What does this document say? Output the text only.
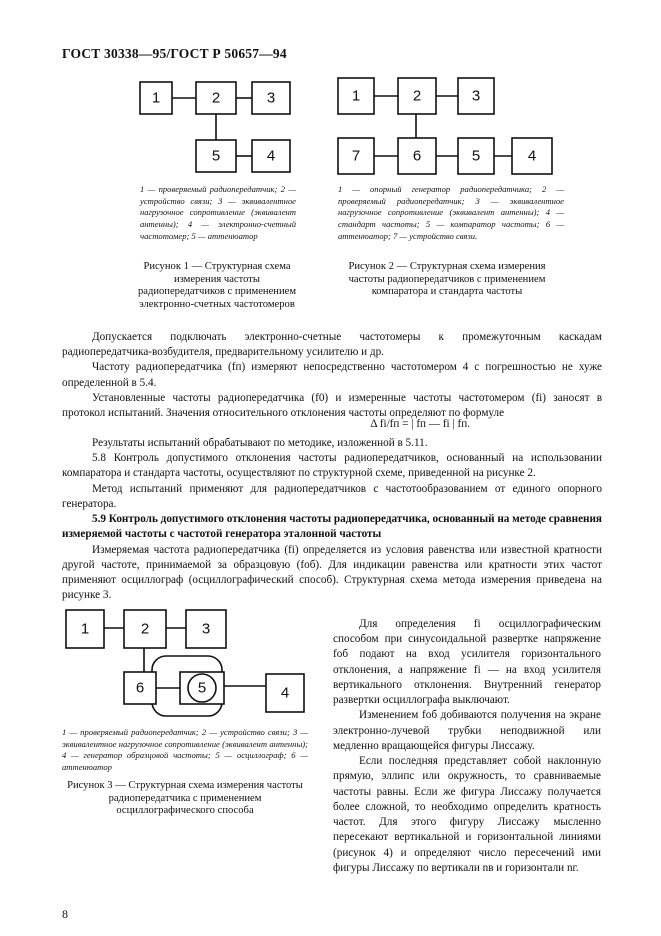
ГОСТ 30338—95/ГОСТ Р 50657—94
1	2	3
5	4
1 — проверяемый радиопередатчик; 2 — устройство связи; 3 — эквивалентное нагрузочное сопротивление (эквивалент антенны); 4 — электронно-счетный частотомер; 5 — аттенюатор
Рисунок 1 — Структурная схема измерения частоты радиопередатчиков с применением электронно-счетных частотомеров
1	2	3
7	6	5	4
1 — опорный генератор радиопередатчика; 2 — проверяемый радиопередатчик; 3 — эквивалентное нагрузочное сопротивление (эквивалент антенны); 4 — стандарт частоты; 5 — компаратор частоты; 6 — аттенюатор; 7 — устройство связи.
Рисунок 2 — Структурная схема измерения частоты радиопередатчиков с применением компаратора и стандарта частоты

Допускается подключать электронно-счетные частотомеры к промежуточным каскадам радиопередатчика-возбудителя, предварительному усилителю и др.

Частоту радиопередатчика (fп) измеряют непосредственно частотомером 4 с погрешностью не хуже определенной в 5.4.

Установленные частоты радиопередатчика (f0) и измеренные частоты частотомером (fi) заносят в протокол испытаний. Значения относительного отклонения частоты определяют по формуле

Δ fi/fп = | fп — fi | fп.

Результаты испытаний обрабатывают по методике, изложенной в 5.11.

5.8 Контроль допустимого отклонения частоты радиопередатчиков, основанный на использовании компаратора и стандарта частоты, осуществляют по структурной схеме, приведенной на рисунке 2.

Метод испытаний применяют для радиопередатчиков с частотообразованием от единого опорного генератора.

5.9 Контроль допустимого отклонения частоты радиопередатчика, основанный на методе сравнения измеряемой частоты с частотой генератора эталонной частоты

Измеряемая частота радиопередатчика (fi) определяется из условия равенства или известной кратности другой частоте, принимаемой за образцовую (fоб). Для индикации равенства или кратности этих частот применяют осциллограф (осциллографический способ). Структурная схема метода измерения приведена на рисунке 3.

1	2	3
6	5	4
1 — проверяемый радиопередатчик; 2 — устройство связи; 3 — эквивалентное нагрузочное сопротивление (эквивалент антенны); 4 — генератор образцовой частоты; 5 — осциллограф; 6 — аттенюатор
Рисунок 3 — Структурная схема измерения частоты радиопередатчика с применением осциллографического способа

Для определения fi осциллографическим способом при синусоидальной развертке напряжение fоб подают на вход усилителя горизонтального отклонения, а напряжение fi — на вход усилителя вертикального отклонения. Внутренний генератор развертки осциллографа выключают.

Изменением fоб добиваются получения на экране электронно-лучевой трубки неподвижной или медленно вращающейся фигуры Лиссажу.

Если последняя представляет собой наклонную прямую, эллипс или окружность, то сравниваемые частоты равны. Если же фигура Лиссажу получается более сложной, то необходимо определить кратность частот. Для этого фигуру Лиссажу мысленно пересекают вертикальной и горизонтальной линиями (рисунок 4) и определяют число пересечений ими фигуры Лиссажу по вертикали nв и горизонтали nг.

8
